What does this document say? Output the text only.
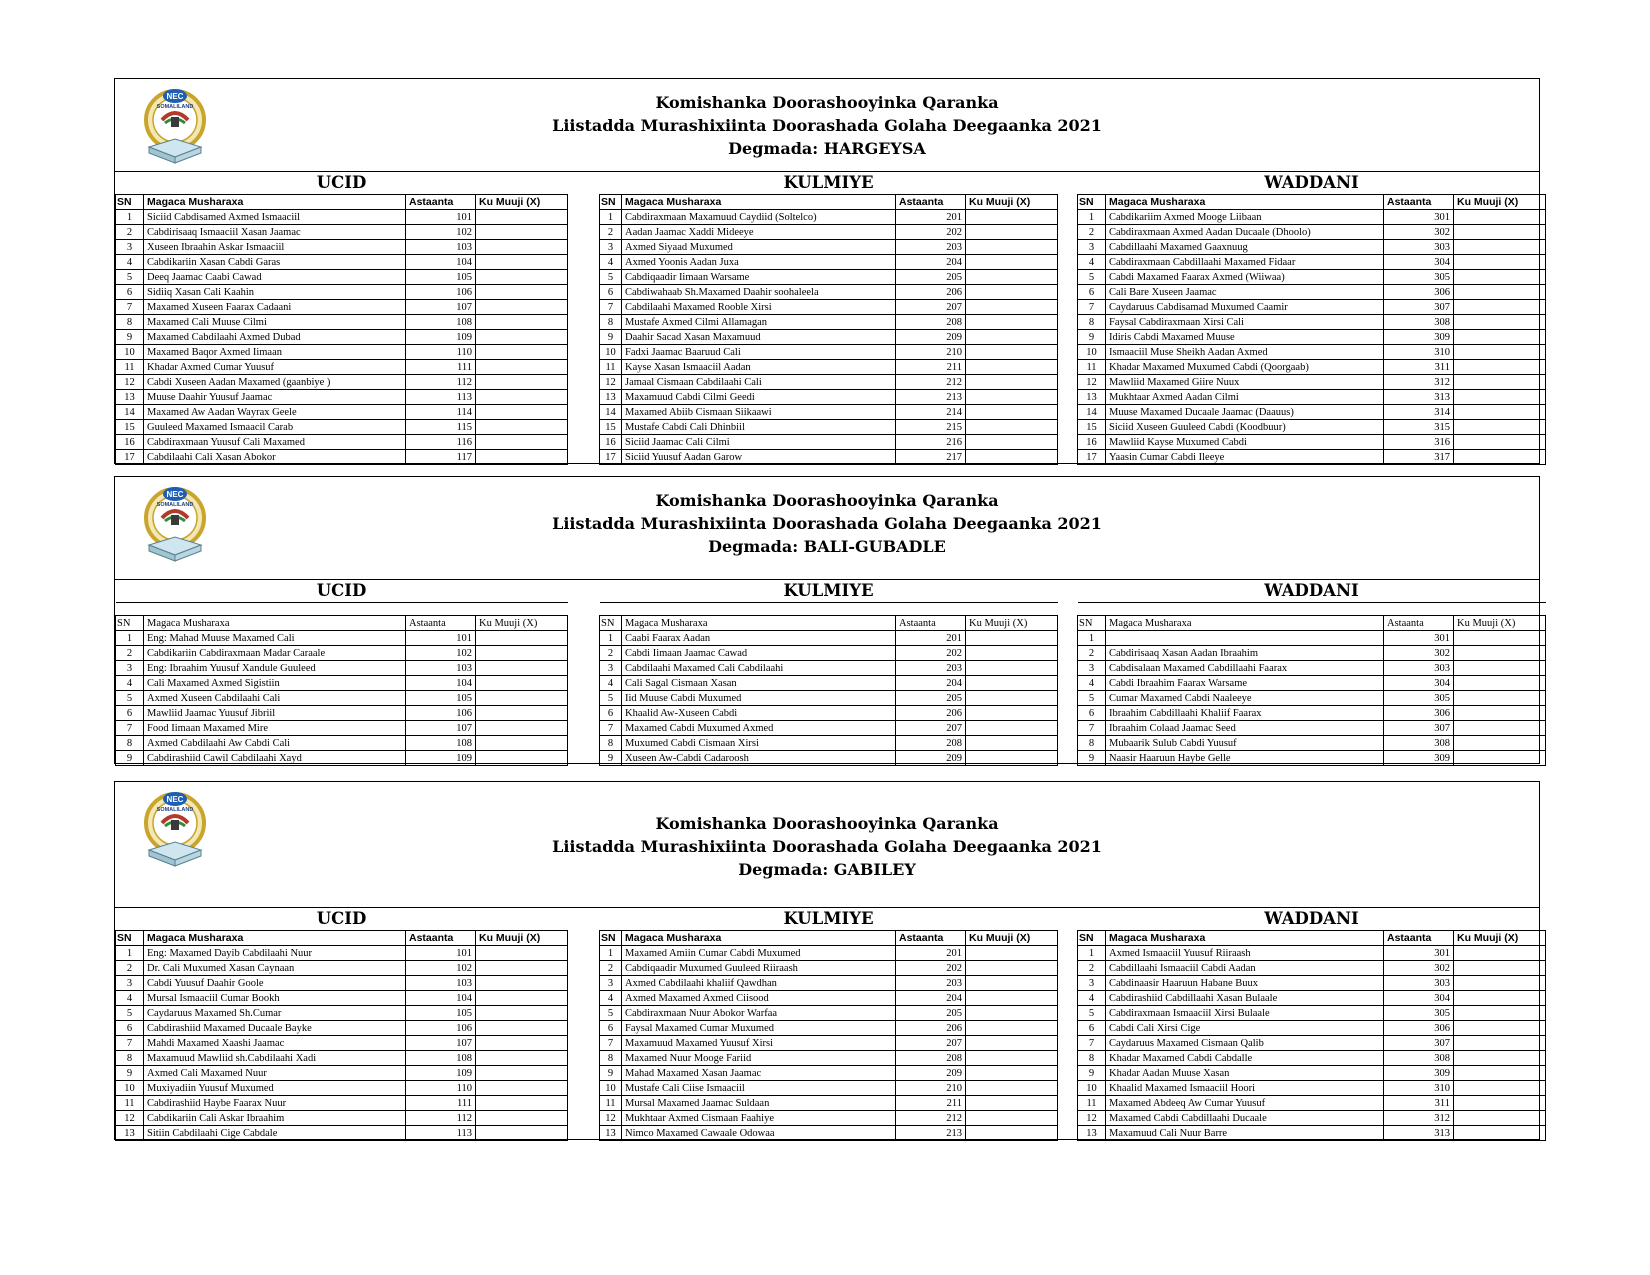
NEC
SOMALILAND	Komishanka Doorashooyinka Qaranka
Liistadda Murashixiinta Doorashada Golaha Deegaanka 2021
Degmada: HARGEYSA
UCID			
SN	Magaca Musharaxa	Astaanta	Ku Muuji (X)
1	Siciid Cabdisamed Axmed Ismaaciil	101	
2	Cabdirisaaq Ismaaciil Xasan Jaamac	102	
3	Xuseen Ibraahin Askar Ismaaciil	103	
4	Cabdikariin Xasan Cabdi Garas	104	
5	Deeq Jaamac Caabi Cawad	105	
6	Sidiiq Xasan Cali Kaahin	106	
7	Maxamed Xuseen Faarax Cadaani	107	
8	Maxamed Cali Muuse Cilmi	108	
9	Maxamed Cabdilaahi Axmed Dubad	109	
10	Maxamed Baqor Axmed Iimaan	110	
11	Khadar Axmed Cumar Yuusuf	111	
12	Cabdi Xuseen Aadan Maxamed (gaanbiye )	112	
13	Muuse Daahir Yuusuf Jaamac	113	
14	Maxamed Aw Aadan Wayrax Geele	114	
15	Guuleed Maxamed Ismaacil Carab	115	
16	Cabdiraxmaan Yuusuf Cali Maxamed	116	
17	Cabdilaahi Cali Xasan Abokor	117	
KULMIYE			
SN	Magaca Musharaxa	Astaanta	Ku Muuji (X)
1	Cabdiraxmaan Maxamuud Caydiid (Soltelco)	201	
2	Aadan Jaamac Xaddi Mideeye	202	
3	Axmed Siyaad Muxumed	203	
4	Axmed Yoonis Aadan Juxa	204	
5	Cabdiqaadir Iimaan Warsame	205	
6	Cabdiwahaab Sh.Maxamed Daahir soohaleela	206	
7	Cabdilaahi Maxamed Rooble Xirsi	207	
8	Mustafe Axmed Cilmi Allamagan	208	
9	Daahir Sacad Xasan Maxamuud	209	
10	Fadxi Jaamac Baaruud Cali	210	
11	Kayse Xasan Ismaaciil Aadan	211	
12	Jamaal Cismaan Cabdilaahi Cali	212	
13	Maxamuud Cabdi Cilmi Geedi	213	
14	Maxamed Abiib Cismaan Siikaawi	214	
15	Mustafe Cabdi Cali Dhinbiil	215	
16	Siciid Jaamac Cali Cilmi	216	
17	Siciid Yuusuf Aadan Garow	217	
WADDANI			
SN	Magaca Musharaxa	Astaanta	Ku Muuji (X)
1	Cabdikariim Axmed Mooge Liibaan	301	
2	Cabdiraxmaan Axmed Aadan Ducaale (Dhoolo)	302	
3	Cabdillaahi Maxamed Gaaxnuug	303	
4	Cabdiraxmaan Cabdillaahi Maxamed Fidaar	304	
5	Cabdi Maxamed Faarax Axmed (Wiiwaa)	305	
6	Cali Bare Xuseen Jaamac	306	
7	Caydaruus Cabdisamad Muxumed Caamir	307	
8	Faysal Cabdiraxmaan Xirsi Cali	308	
9	Idiris Cabdi Maxamed Muuse	309	
10	Ismaaciil Muse Sheikh Aadan Axmed	310	
11	Khadar Maxamed Muxumed Cabdi (Qoorgaab)	311	
12	Mawliid Maxamed Giire Nuux	312	
13	Mukhtaar Axmed Aadan Cilmi	313	
14	Muuse Maxamed Ducaale Jaamac (Daauus)	314	
15	Siciid Xuseen Guuleed Cabdi (Koodbuur)	315	
16	Mawliid Kayse Muxumed Cabdi	316	
17	Yaasin Cumar Cabdi Ileeye	317	
NEC
SOMALILAND	Komishanka Doorashooyinka Qaranka
Liistadda Murashixiinta Doorashada Golaha Deegaanka 2021
Degmada: BALI-GUBADLE
UCID			

SN	Magaca Musharaxa	Astaanta	Ku Muuji (X)
1	Eng: Mahad Muuse Maxamed Cali	101	
2	Cabdikariin Cabdiraxmaan Madar Caraale	102	
3	Eng: Ibraahim Yuusuf Xandule Guuleed	103	
4	Cali Maxamed Axmed Sigistiin	104	
5	Axmed Xuseen Cabdilaahi Cali	105	
6	Mawliid Jaamac Yuusuf Jibriil	106	
7	Food Iimaan Maxamed Mire	107	
8	Axmed Cabdilaahi Aw Cabdi Cali	108	
9	Cabdirashiid Cawil Cabdilaahi Xayd	109	
KULMIYE			

SN	Magaca Musharaxa	Astaanta	Ku Muuji (X)
1	Caabi Faarax Aadan	201	
2	Cabdi Iimaan Jaamac Cawad	202	
3	Cabdilaahi Maxamed Cali Cabdilaahi	203	
4	Cali Sagal Cismaan Xasan	204	
5	Iid Muuse Cabdi Muxumed	205	
6	Khaalid Aw-Xuseen Cabdi	206	
7	Maxamed Cabdi Muxumed Axmed	207	
8	Muxumed Cabdi Cismaan Xirsi	208	
9	Xuseen Aw-Cabdi Cadaroosh	209	
WADDANI			

SN	Magaca Musharaxa	Astaanta	Ku Muuji (X)
1		301	
2	Cabdirisaaq Xasan Aadan Ibraahim	302	
3	Cabdisalaan Maxamed Cabdillaahi Faarax	303	
4	Cabdi Ibraahim Faarax Warsame	304	
5	Cumar Maxamed Cabdi Naaleeye	305	
6	Ibraahim Cabdillaahi Khaliif Faarax	306	
7	Ibraahim Colaad Jaamac Seed	307	
8	Mubaarik Sulub Cabdi Yuusuf	308	
9	Naasir Haaruun Haybe Gelle	309	
NEC
SOMALILAND
Komishanka Doorashooyinka Qaranka
Liistadda Murashixiinta Doorashada Golaha Deegaanka 2021
Degmada: GABILEY
UCID			
SN	Magaca Musharaxa	Astaanta	Ku Muuji (X)
1	Eng: Maxamed Dayib Cabdilaahi Nuur	101	
2	Dr. Cali Muxumed Xasan Caynaan	102	
3	Cabdi Yuusuf Daahir Goole	103	
4	Mursal Ismaaciil Cumar Bookh	104	
5	Caydaruus Maxamed Sh.Cumar	105	
6	Cabdirashiid Maxamed Ducaale Bayke	106	
7	Mahdi Maxamed Xaashi Jaamac	107	
8	Maxamuud Mawliid sh.Cabdilaahi Xadi	108	
9	Axmed Cali Maxamed Nuur	109	
10	Muxiyadiin Yuusuf Muxumed	110	
11	Cabdirashiid Haybe Faarax Nuur	111	
12	Cabdikariin Cali Askar Ibraahim	112	
13	Sitiin Cabdilaahi Cige Cabdale	113	
KULMIYE			
SN	Magaca Musharaxa	Astaanta	Ku Muuji (X)
1	Maxamed Amiin Cumar Cabdi Muxumed	201	
2	Cabdiqaadir Muxumed Guuleed Riiraash	202	
3	Axmed Cabdilaahi khaliif Qawdhan	203	
4	Axmed Maxamed Axmed Ciisood	204	
5	Cabdiraxmaan Nuur Abokor Warfaa	205	
6	Faysal Maxamed Cumar Muxumed	206	
7	Maxamuud Maxamed Yuusuf Xirsi	207	
8	Maxamed Nuur Mooge Fariid	208	
9	Mahad Maxamed Xasan Jaamac	209	
10	Mustafe Cali Ciise Ismaaciil	210	
11	Mursal Maxamed Jaamac Suldaan	211	
12	Mukhtaar Axmed Cismaan Faahiye	212	
13	Nimco Maxamed Cawaale Odowaa	213	
WADDANI			
SN	Magaca Musharaxa	Astaanta	Ku Muuji (X)
1	Axmed Ismaaciil Yuusuf Riiraash	301	
2	Cabdillaahi Ismaaciil Cabdi Aadan	302	
3	Cabdinaasir Haaruun Habane Buux	303	
4	Cabdirashiid Cabdillaahi Xasan Bulaale	304	
5	Cabdiraxmaan Ismaaciil Xirsi Bulaale	305	
6	Cabdi Cali Xirsi Cige	306	
7	Caydaruus Maxamed Cismaan Qalib	307	
8	Khadar Maxamed Cabdi Cabdalle	308	
9	Khadar Aadan Muuse Xasan	309	
10	Khaalid Maxamed Ismaaciil Hoori	310	
11	Maxamed Abdeeq Aw Cumar Yuusuf	311	
12	Maxamed Cabdi Cabdillaahi Ducaale	312	
13	Maxamuud Cali Nuur Barre	313	
